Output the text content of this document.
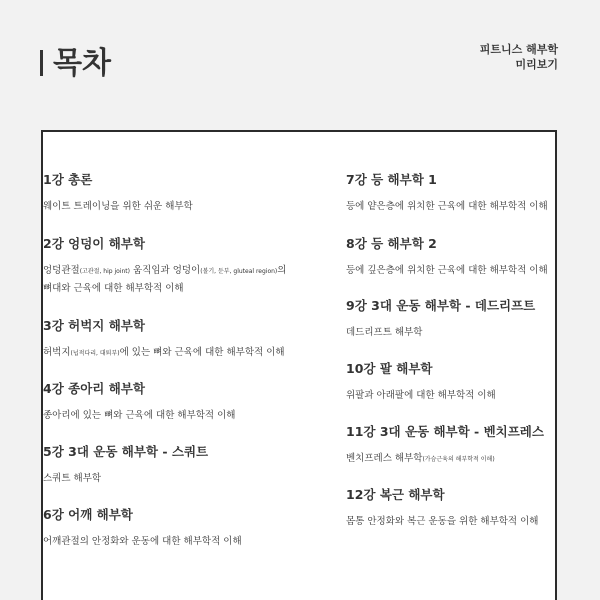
목차	피트니스 해부학
미리보기
1강 총론
웨이트 트레이닝을 위한 쉬운 해부학
2강 엉덩이 해부학
엉덩관절(고관절, hip joint) 움직임과 엉덩이(볼기, 둔부, gluteal region)의
뼈대와 근육에 대한 해부학적 이해
3강 허벅지 해부학
허벅지(넙적다리, 대퇴부)에 있는 뼈와 근육에 대한 해부학적 이해
4강 종아리 해부학
종아리에 있는 뼈와 근육에 대한 해부학적 이해
5강 3대 운동 해부학 - 스쿼트
스쿼트 해부학
6강 어깨 해부학
어깨관절의 안정화와 운동에 대한 해부학적 이해
7강 등 해부학 1
등에 얕은층에 위치한 근육에 대한 해부학적 이해
8강 등 해부학 2
등에 깊은층에 위치한 근육에 대한 해부학적 이해
9강 3대 운동 해부학 - 데드리프트
데드리프트 해부학
10강 팔 해부학
위팔과 아래팔에 대한 해부학적 이해
11강 3대 운동 해부학 - 벤치프레스
벤치프레스 해부학(가슴근육의 해부학적 이해)
12강 복근 해부학
몸통 안정화와 복근 운동을 위한 해부학적 이해
